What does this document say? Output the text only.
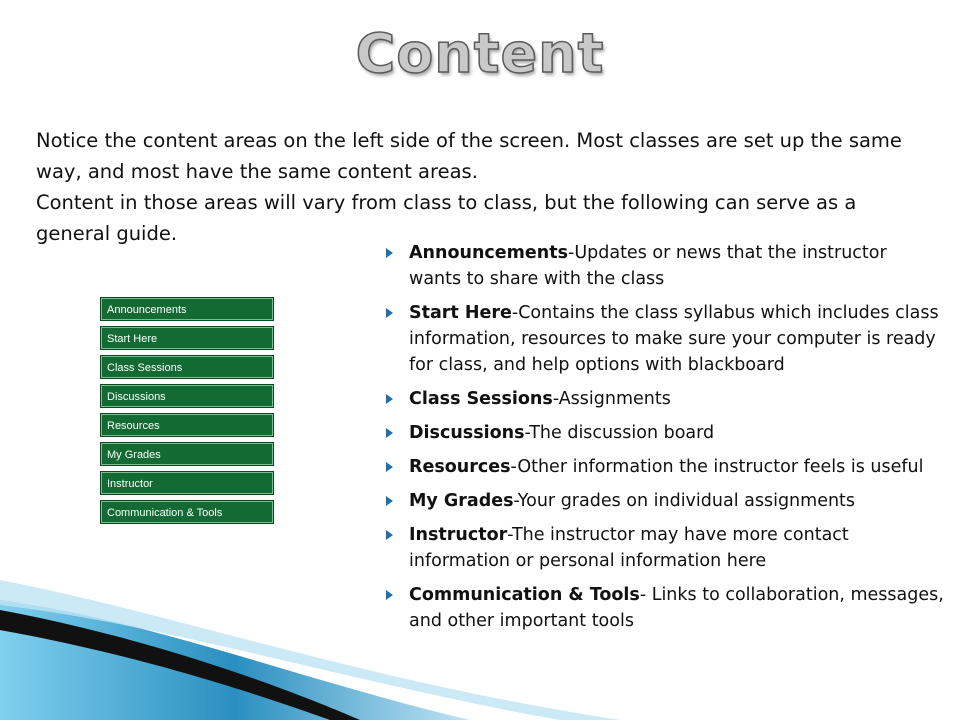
Content

Notice the content areas on the left side of the screen. Most classes are set up the same way, and most have the same content areas.

Content in those areas will vary from class to class, but the following can serve as a general guide.

Announcements
Start Here
Class Sessions
Discussions
Resources
My Grades
Instructor
Communication & Tools
Announcements-Updates or news that the instructor wants to share with the class
Start Here-Contains the class syllabus which includes class information, resources to make sure your computer is ready for class, and help options with blackboard
Class Sessions-Assignments
Discussions-The discussion board
Resources-Other information the instructor feels is useful
My Grades-Your grades on individual assignments
Instructor-The instructor may have more contact information or personal information here
Communication & Tools- Links to collaboration, messages, and other important tools
